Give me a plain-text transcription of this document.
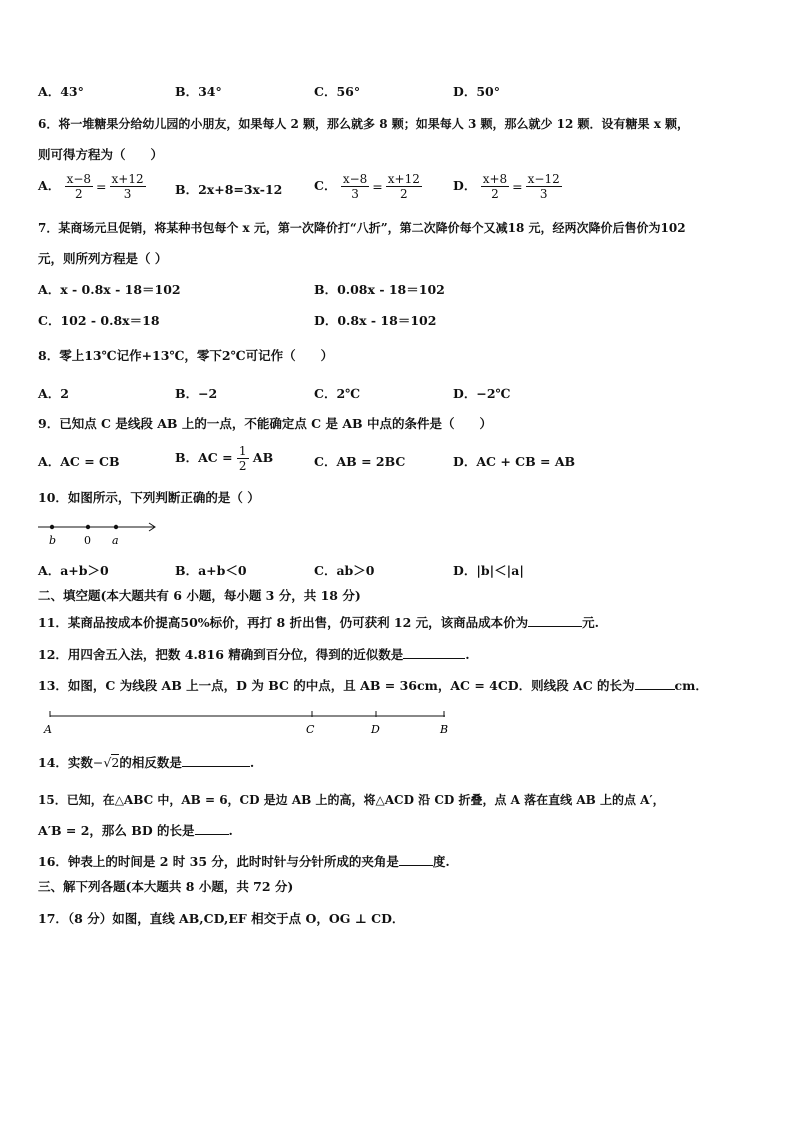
A．43°	B．34°	C．56°	D．50°
6．将一堆糖果分给幼儿园的小朋友，如果每人 2 颗，那么就多 8 颗；如果每人 3 颗，那么就少 12 颗．设有糖果 x 颗，
则可得方程为（　　）
A． $\frac{x-8}{2} = \frac{x+12}{3}$ B．2x+8=3x-12	C． $\frac{x-8}{3} = \frac{x+12}{2}$ D． $\frac{x+8}{2} = \frac{x-12}{3}$
7．某商场元旦促销，将某种书包每个 x 元，第一次降价打“八折”，第二次降价每个又减18 元，经两次降价后售价为102
元，则所列方程是（ ）
A．x - 0.8x - 18＝102	B．0.08x - 18＝102
C．102 - 0.8x＝18	D．0.8x - 18＝102
8．零上13℃记作+13℃，零下2℃可记作（　　）
A．2	B．−2	C．2℃	D．−2℃
9．已知点 C 是线段 AB 上的一点，不能确定点 C 是 AB 中点的条件是（　　）
A．AC = CB	B．AC = $\frac{1}{2}$ AB	C．AB = 2BC	D．AC + CB = AB
10．如图所示，下列判断正确的是（ ）
b	0 a
A．a+b＞0	B．a+b＜0	C．ab＞0	D．|b|＜|a|
二、填空题(本大题共有 6 小题，每小题 3 分，共 18 分)
11．某商品按成本价提高50%标价，再打 8 折出售，仍可获利 12 元，该商品成本价为	元.
12．用四舍五入法，把数 4.816 精确到百分位，得到的近似数是	.
13．如图，C 为线段 AB 上一点，D 为 BC 的中点，且 AB = 36cm，AC = 4CD．则线段 AC 的长为	cm．
A	C	D	B
14．实数−√2的相反数是	.
15．已知，在△ABC 中，AB = 6，CD 是边 AB 上的高，将△ACD 沿 CD 折叠，点 A 落在直线 AB 上的点 A′，
A′B = 2，那么 BD 的长是	.
16．钟表上的时间是 2 时 35 分，此时时针与分针所成的夹角是	度.
三、解下列各题(本大题共 8 小题，共 72 分)
17．（8 分）如图，直线 AB,CD,EF 相交于点 O，OG ⊥ CD．
